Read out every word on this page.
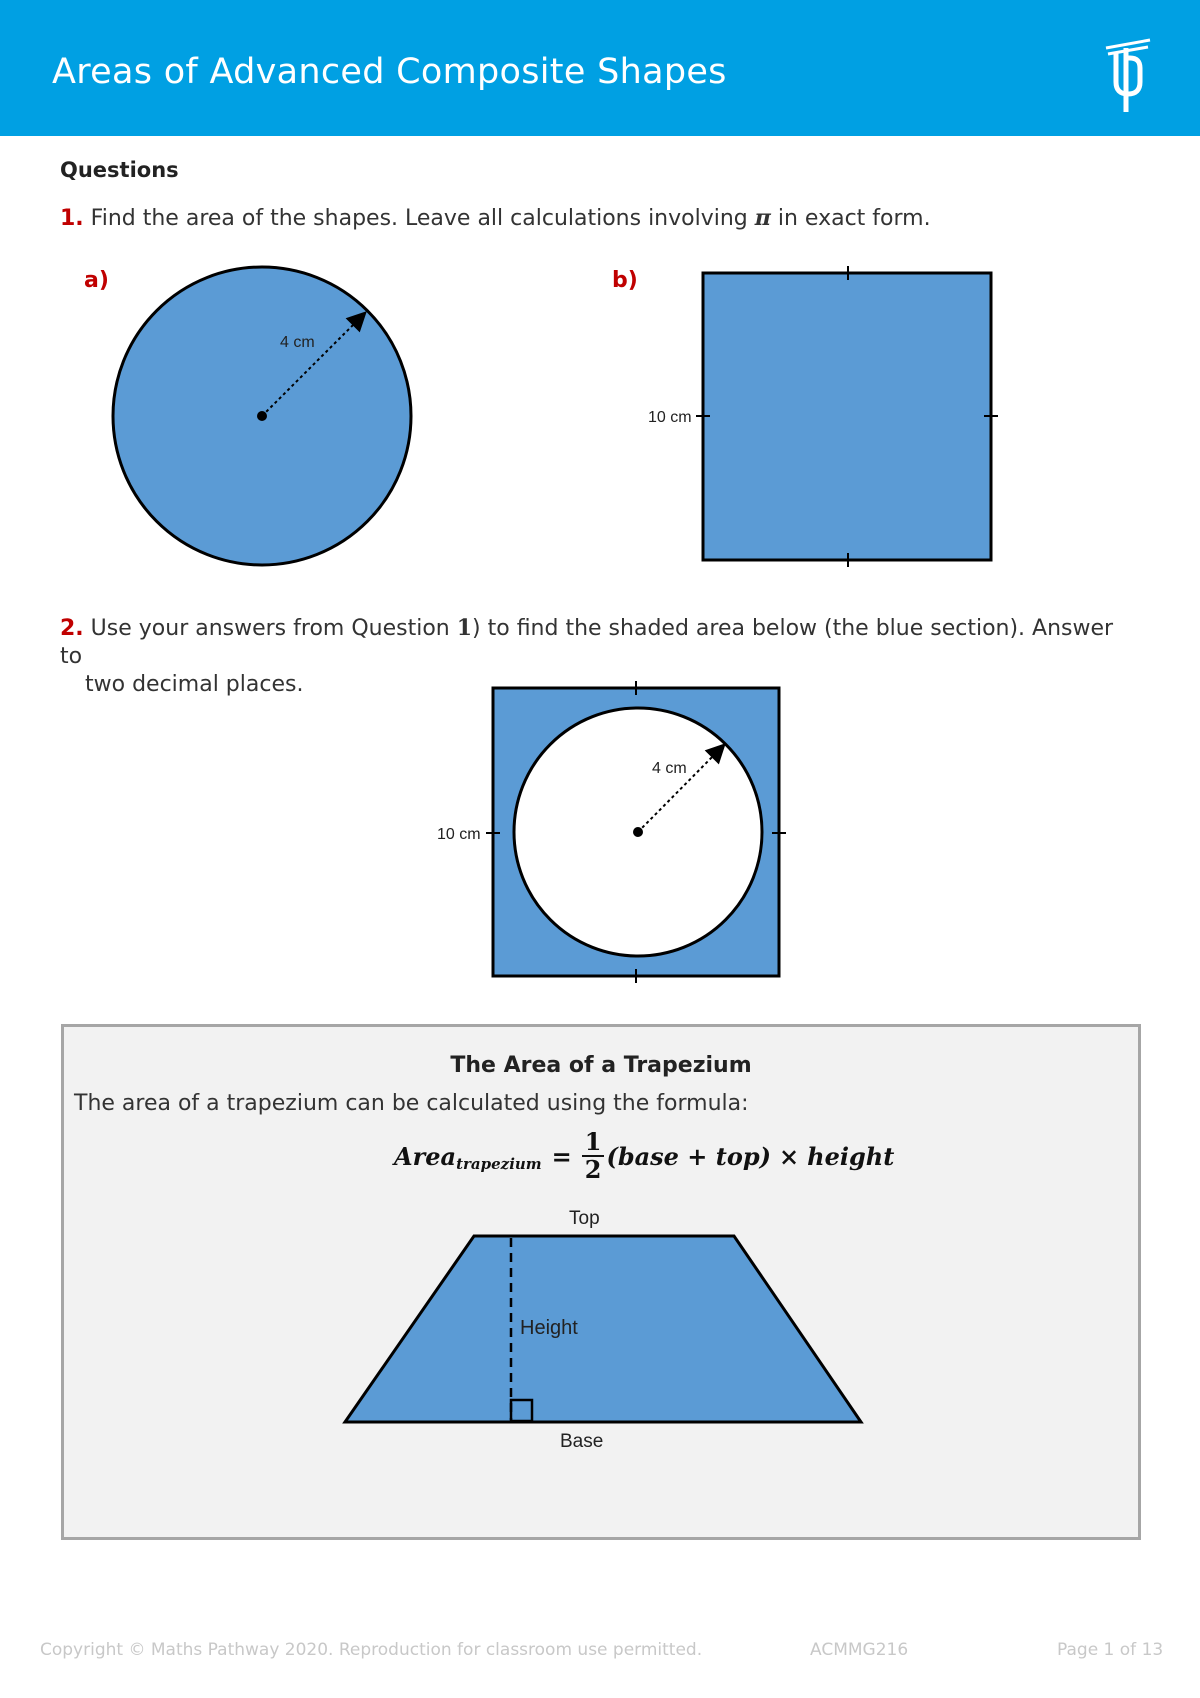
Areas of Advanced Composite Shapes
Questions
1. Find the area of the shapes. Leave all calculations involving π in exact form.
a)	b)
4 cm
10 cm
10 cm
4 cm
2. Use your answers from Question 1) to find the shaded area below (the blue section). Answer to
two decimal places.
The Area of a Trapezium
The area of a trapezium can be calculated using the formula:
Area trapezium = $\frac{1}{2}$ (base + top) × height
Top
Height
Base
Copyright © Maths Pathway 2020. Reproduction for classroom use permitted.	ACMMG216	Page 1 of 13
